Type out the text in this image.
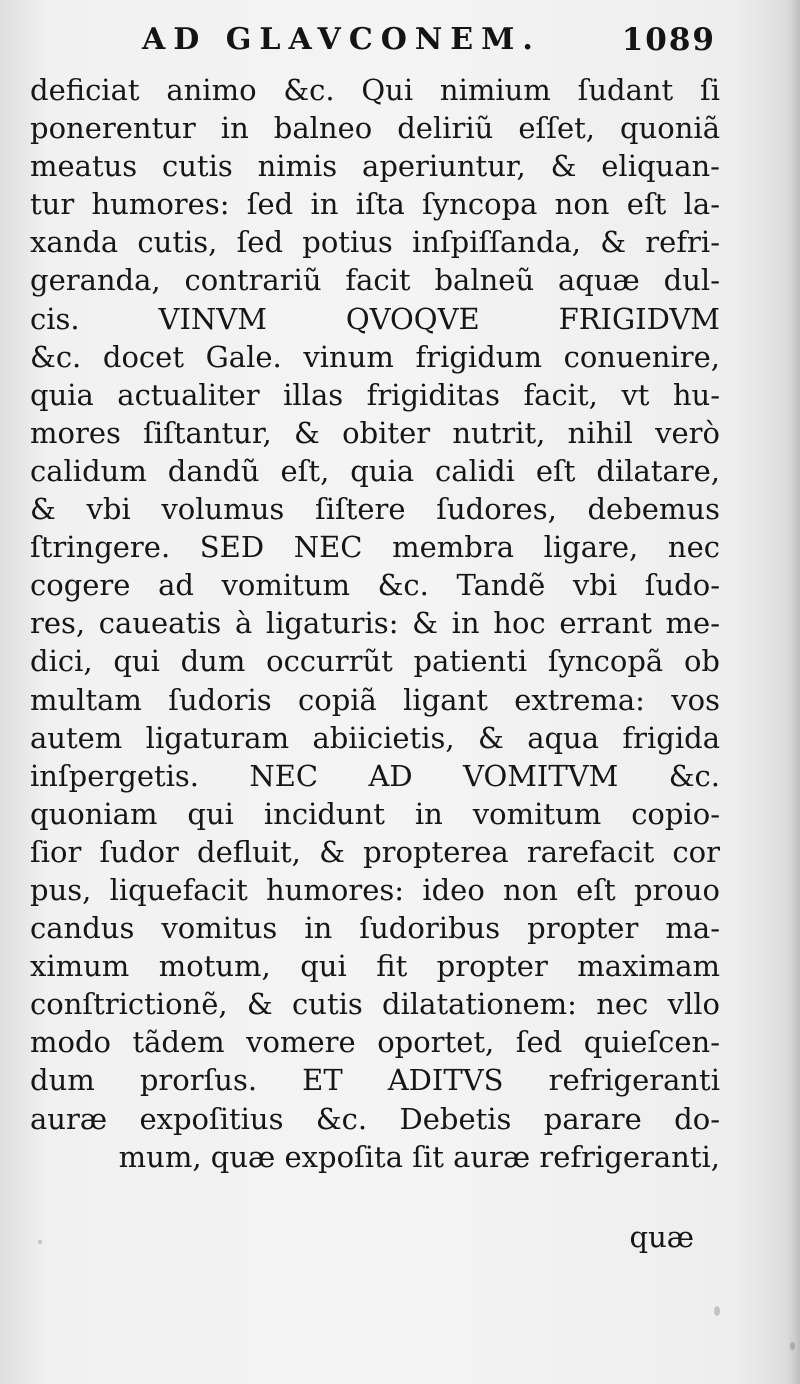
AD GLAVCONEM.	1089
deficiat animo &c. Qui nimium ſudant ſi
ponerentur in balneo deliriũ eſſet, quoniã
meatus cutis nimis aperiuntur, & eliquan-
tur humores: ſed in iſta ſyncopa non eſt la-
xanda cutis, ſed potius inſpiſſanda, & refri-
geranda, contrariũ facit balneũ aquæ dul-
cis. VINVM QVOQVE FRIGIDVM
&c. docet Gale. vinum frigidum conuenire,
quia actualiter illas frigiditas facit, vt hu-
mores ſiſtantur, & obiter nutrit, nihil verò
calidum dandũ eſt, quia calidi eſt dilatare,
& vbi volumus ſiſtere ſudores, debemus
ſtringere. SED NEC membra ligare, nec
cogere ad vomitum &c. Tandẽ vbi ſudo-
res, caueatis à ligaturis: & in hoc errant me-
dici, qui dum occurrũt patienti ſyncopã ob
multam ſudoris copiã ligant extrema: vos
autem ligaturam abiicietis, & aqua frigida
inſpergetis. NEC AD VOMITVM &c.
quoniam qui incidunt in vomitum copio-
ſior ſudor defluit, & propterea rarefacit cor
pus, liquefacit humores: ideo non eſt prouo
candus vomitus in ſudoribus propter ma-
ximum motum, qui fit propter maximam
conſtrictionẽ, & cutis dilatationem: nec vllo
modo tãdem vomere oportet, ſed quieſcen-
dum prorſus. ET ADITVS refrigeranti
auræ expoſitius &c. Debetis parare do-
mum, quæ expoſita ſit auræ refrigeranti,
quæ
